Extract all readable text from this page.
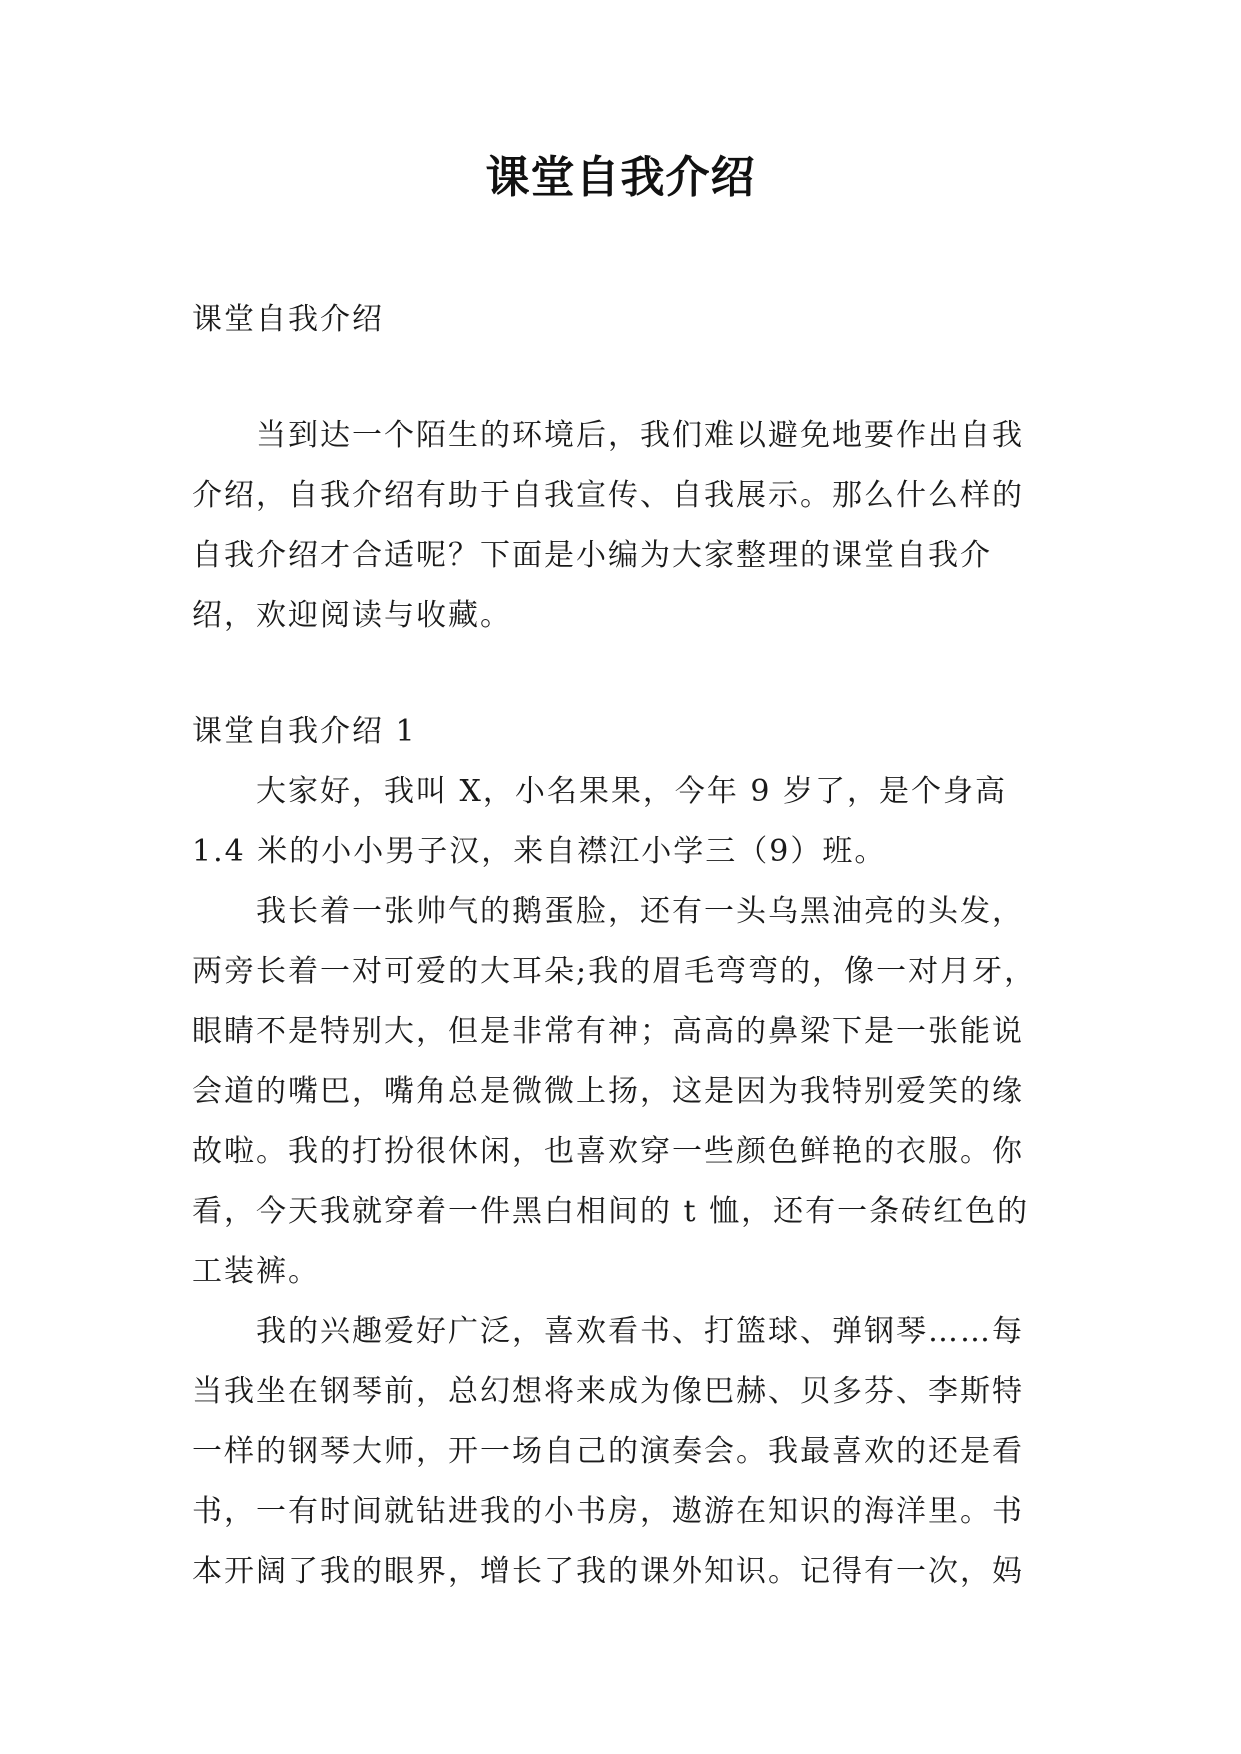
课堂自我介绍

课堂自我介绍

当到达一个陌生的环境后，我们难以避免地要作出自我介绍，自我介绍有助于自我宣传、自我展示。那么什么样的自我介绍才合适呢？下面是小编为大家整理的课堂自我介绍，欢迎阅读与收藏。

课堂自我介绍 1

大家好，我叫 X，小名果果，今年 9 岁了，是个身高 1.4 米的小小男子汉，来自襟江小学三（9）班。

我长着一张帅气的鹅蛋脸，还有一头乌黑油亮的头发，两旁长着一对可爱的大耳朵;我的眉毛弯弯的，像一对月牙，眼睛不是特别大，但是非常有神；高高的鼻梁下是一张能说会道的嘴巴，嘴角总是微微上扬，这是因为我特别爱笑的缘故啦。我的打扮很休闲，也喜欢穿一些颜色鲜艳的衣服。你看，今天我就穿着一件黑白相间的 t 恤，还有一条砖红色的工装裤。

我的兴趣爱好广泛，喜欢看书、打篮球、弹钢琴……每当我坐在钢琴前，总幻想将来成为像巴赫、贝多芬、李斯特一样的钢琴大师，开一场自己的演奏会。我最喜欢的还是看书，一有时间就钻进我的小书房，遨游在知识的海洋里。书本开阔了我的眼界，增长了我的课外知识。记得有一次，妈
